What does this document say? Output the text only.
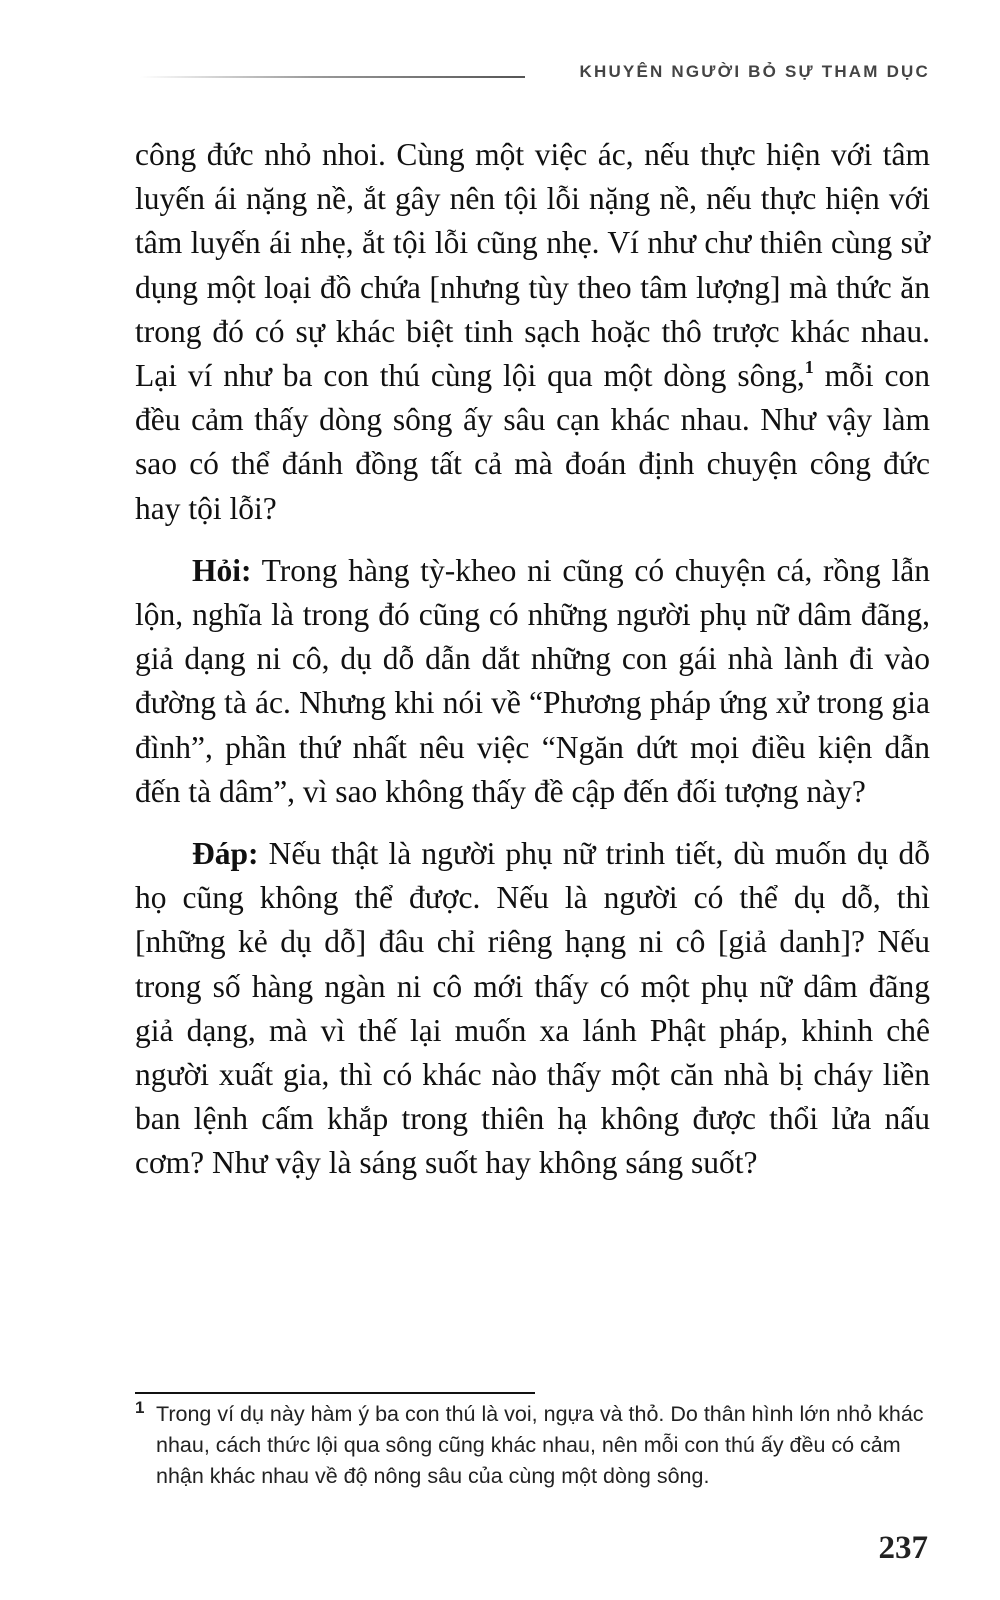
KHUYÊN NGƯỜI BỎ SỰ THAM DỤC

công đức nhỏ nhoi. Cùng một việc ác, nếu thực hiện với tâm luyến ái nặng nề, ắt gây nên tội lỗi nặng nề, nếu thực hiện với tâm luyến ái nhẹ, ắt tội lỗi cũng nhẹ. Ví như chư thiên cùng sử dụng một loại đồ chứa [nhưng tùy theo tâm lượng] mà thức ăn trong đó có sự khác biệt tinh sạch hoặc thô trược khác nhau. Lại ví như ba con thú cùng lội qua một dòng sông,$^1$ mỗi con đều cảm thấy dòng sông ấy sâu cạn khác nhau. Như vậy làm sao có thể đánh đồng tất cả mà đoán định chuyện công đức hay tội lỗi?

Hỏi: Trong hàng tỳ-kheo ni cũng có chuyện cá, rồng lẫn lộn, nghĩa là trong đó cũng có những người phụ nữ dâm đãng, giả dạng ni cô, dụ dỗ dẫn dắt những con gái nhà lành đi vào đường tà ác. Nhưng khi nói về “Phương pháp ứng xử trong gia đình”, phần thứ nhất nêu việc “Ngăn dứt mọi điều kiện dẫn đến tà dâm”, vì sao không thấy đề cập đến đối tượng này?

Đáp: Nếu thật là người phụ nữ trinh tiết, dù muốn dụ dỗ họ cũng không thể được. Nếu là người có thể dụ dỗ, thì [những kẻ dụ dỗ] đâu chỉ riêng hạng ni cô [giả danh]? Nếu trong số hàng ngàn ni cô mới thấy có một phụ nữ dâm đãng giả dạng, mà vì thế lại muốn xa lánh Phật pháp, khinh chê người xuất gia, thì có khác nào thấy một căn nhà bị cháy liền ban lệnh cấm khắp trong thiên hạ không được thổi lửa nấu cơm? Như vậy là sáng suốt hay không sáng suốt?

1 Trong ví dụ này hàm ý ba con thú là voi, ngựa và thỏ. Do thân hình lớn nhỏ khác nhau, cách thức lội qua sông cũng khác nhau, nên mỗi con thú ấy đều có cảm nhận khác nhau về độ nông sâu của cùng một dòng sông.
237
